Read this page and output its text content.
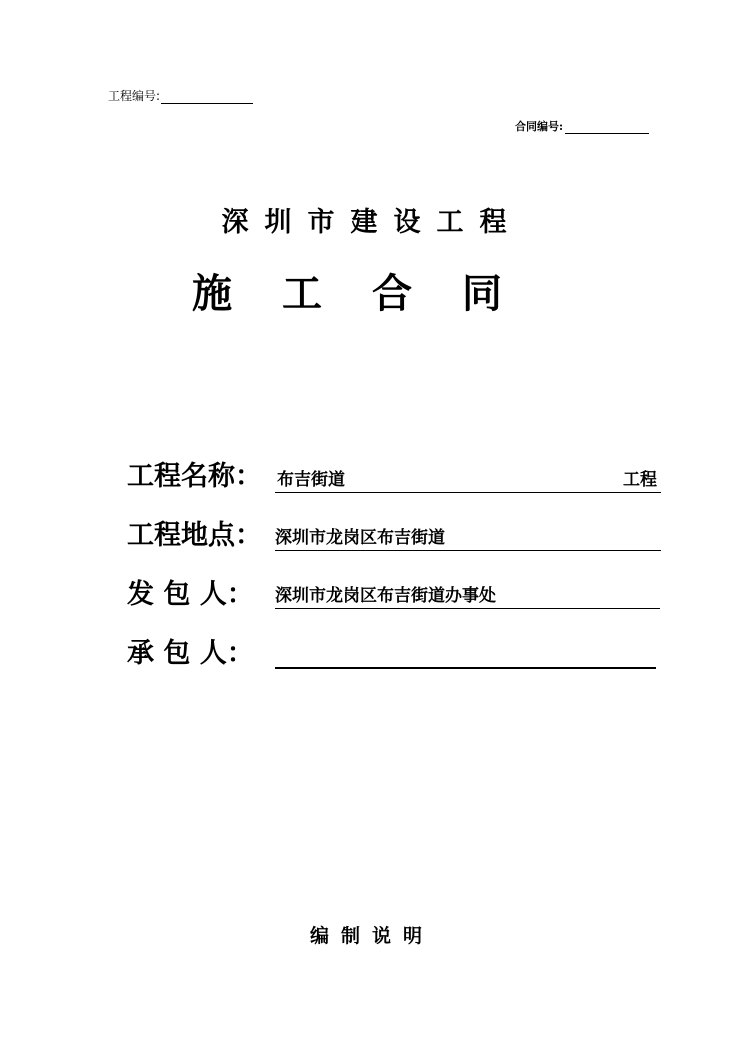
工程编号:
合同编号:
深圳市建设工程
施工合同
工程名称： 布吉街道	工程
工程地点： 深圳市龙岗区布吉街道
发 包 人： 深圳市龙岗区布吉街道办事处
承 包 人：
编制说明
